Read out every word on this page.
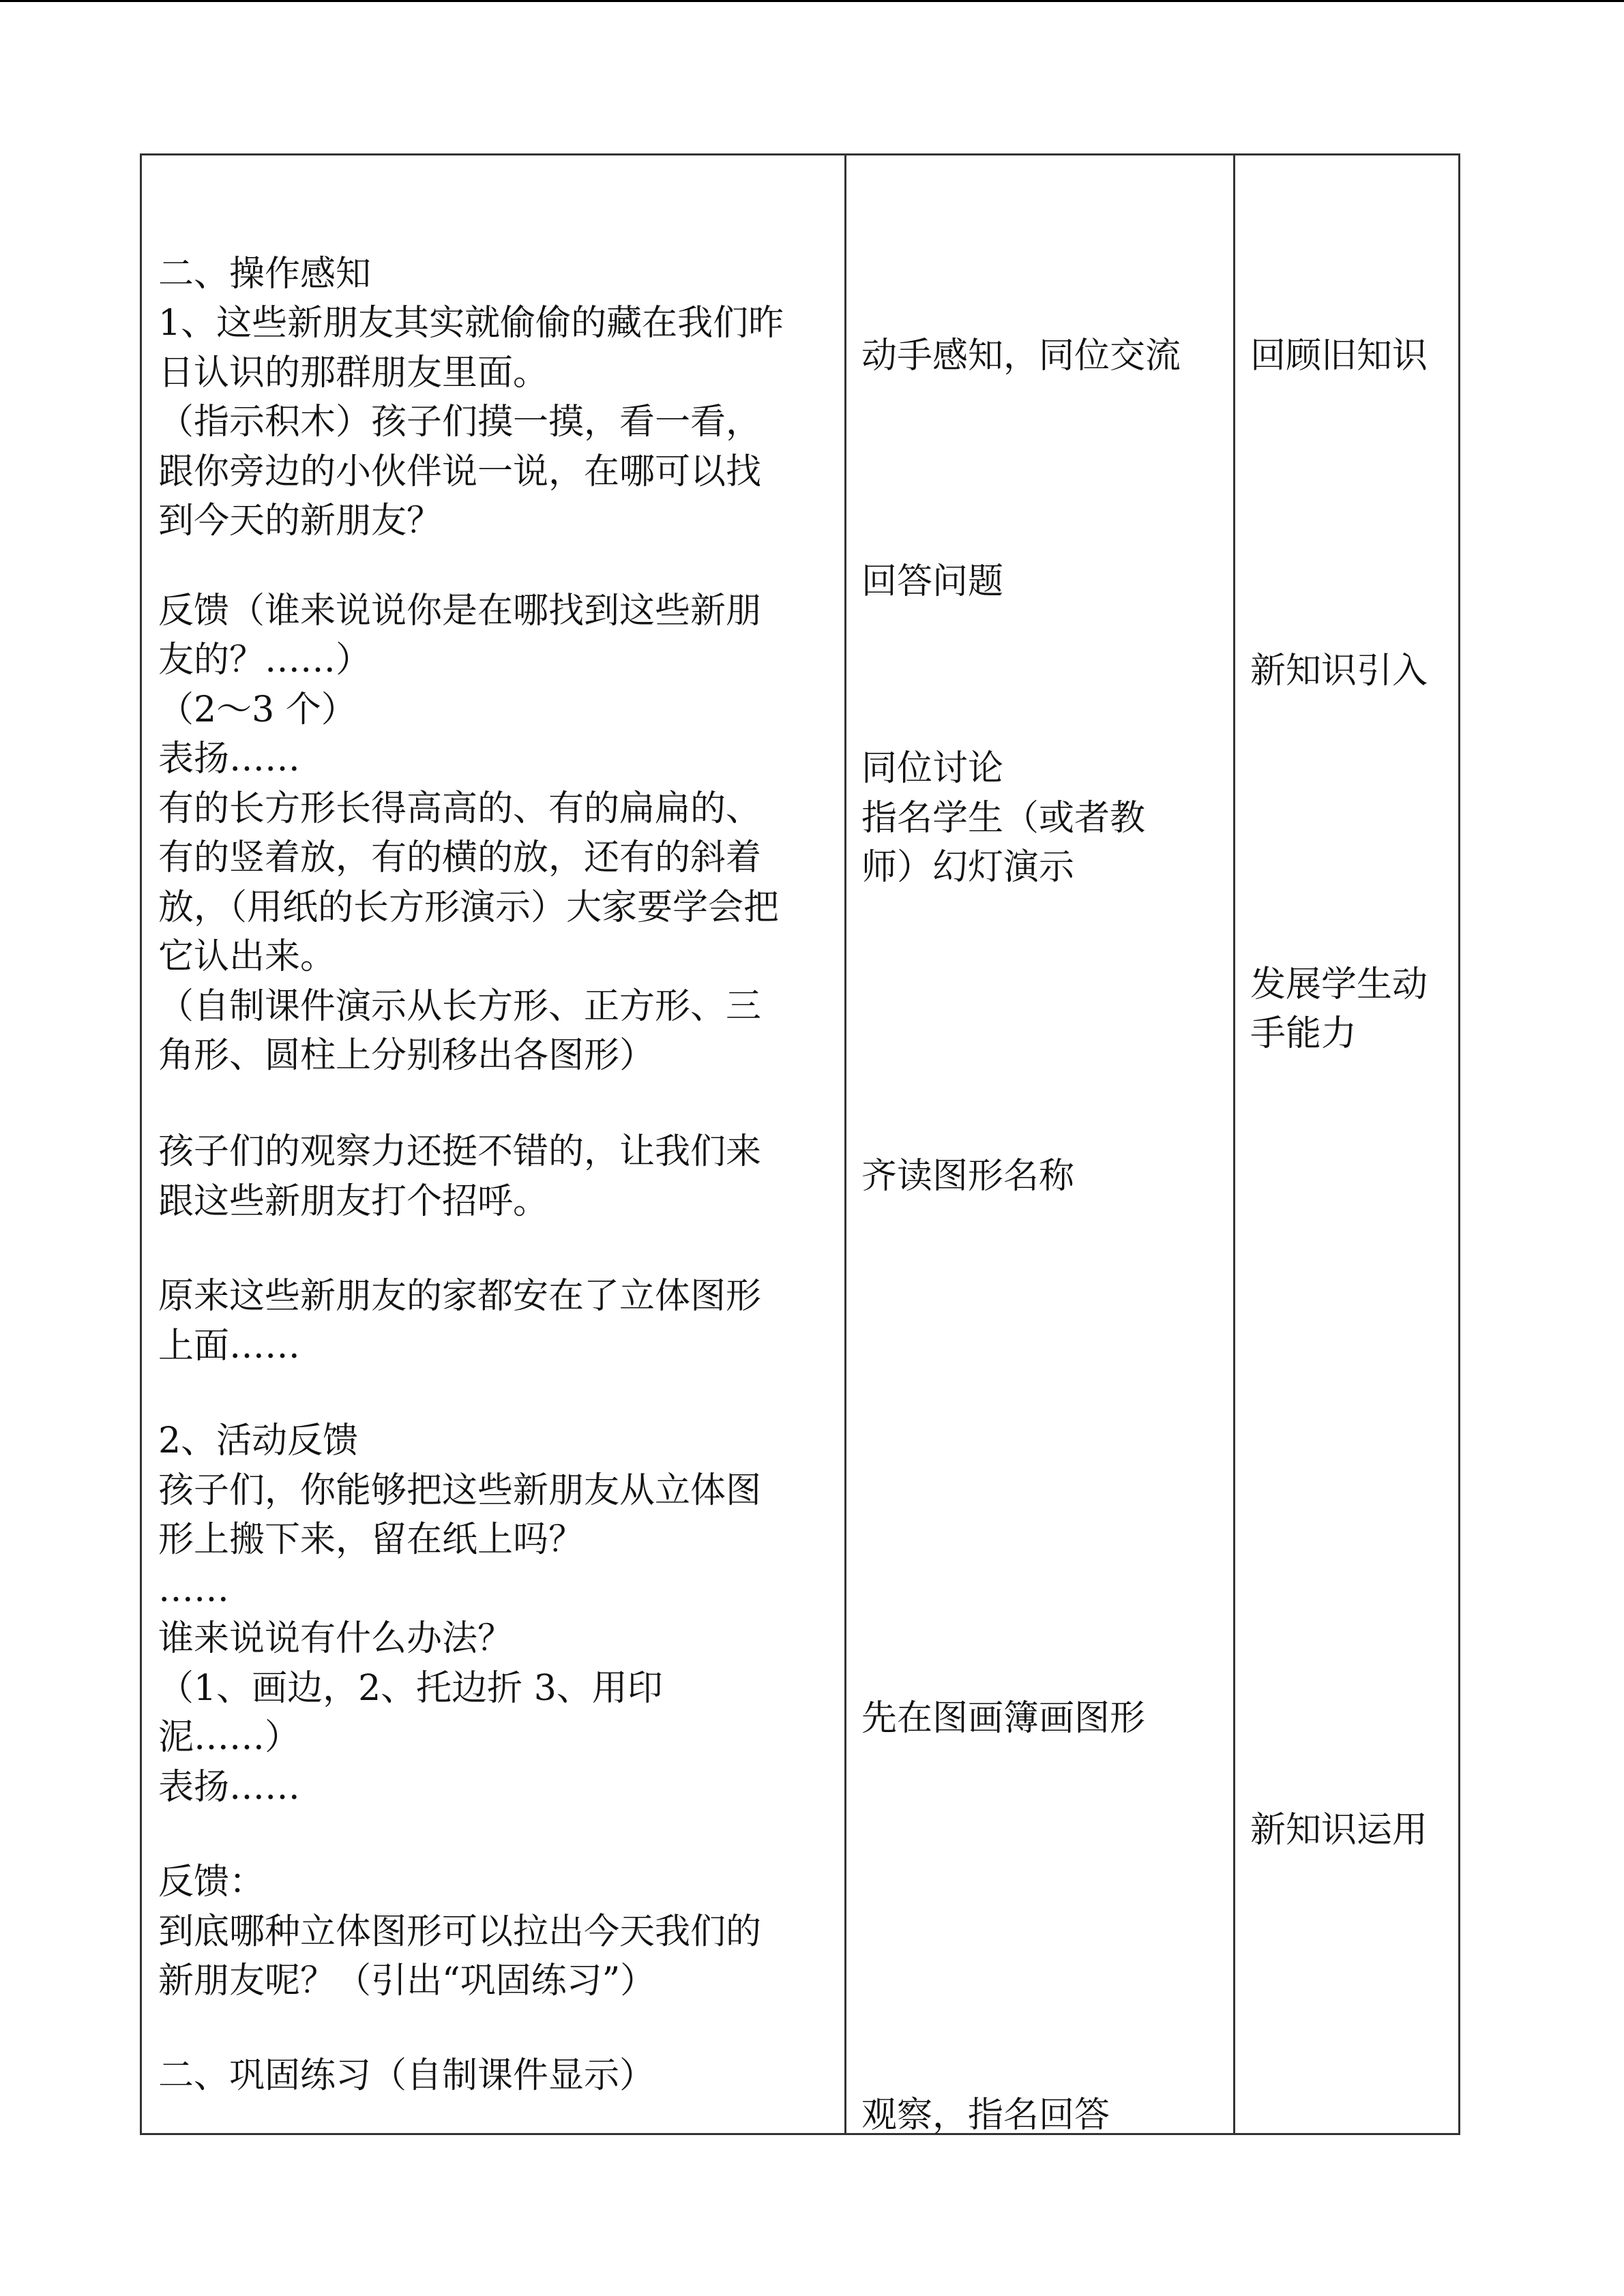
二、操作感知

1、这些新朋友其实就偷偷的藏在我们昨

日认识的那群朋友里面。

（指示积木）孩子们摸一摸，看一看，

跟你旁边的小伙伴说一说，在哪可以找

到今天的新朋友？

反馈（谁来说说你是在哪找到这些新朋

友的？……）

（2～3 个）

表扬……

有的长方形长得高高的、有的扁扁的、

有的竖着放，有的横的放，还有的斜着

放，（用纸的长方形演示）大家要学会把

它认出来。

（自制课件演示从长方形、正方形、三

角形、圆柱上分别移出各图形）

孩子们的观察力还挺不错的，让我们来

跟这些新朋友打个招呼。

原来这些新朋友的家都安在了立体图形

上面……

2、活动反馈

孩子们，你能够把这些新朋友从立体图

形上搬下来，留在纸上吗？

……

谁来说说有什么办法？

（1、画边，2、托边折 3、用印

泥……）

表扬……

反馈：

到底哪种立体图形可以拉出今天我们的

新朋友呢？（引出“巩固练习”）

二、巩固练习（自制课件显示）

动手感知，同位交流

回答问题

同位讨论

指名学生（或者教

师）幻灯演示

齐读图形名称

先在图画簿画图形

观察，指名回答

回顾旧知识

新知识引入

发展学生动

手能力

新知识运用
